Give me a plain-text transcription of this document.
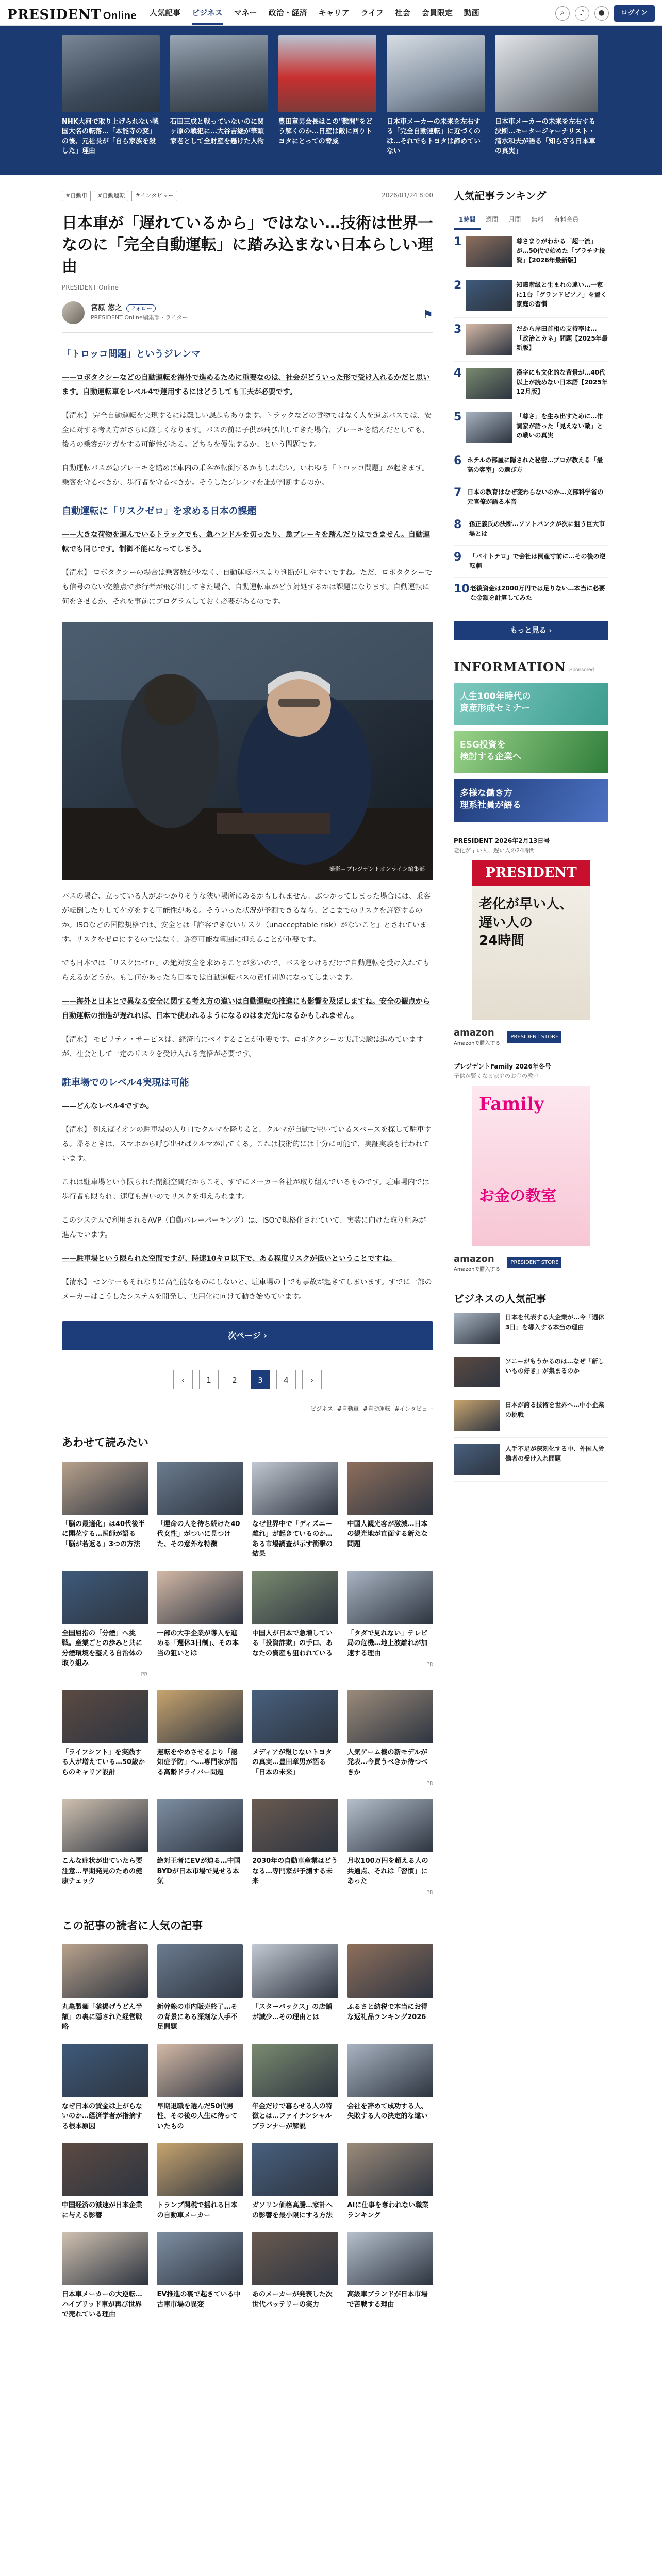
PRESIDENT Online 人気記事 ビジネス マネー 政治・経済 キャリア ライフ 社会 会員限定 動画	⌕	♪	●	ログイン
NHK大河で取り上げられない戦国大名の転落…「本能寺の変」の後、元社長が「自ら家族を殺した」理由
石田三成と戦っていないのに関ヶ原の戦犯に…大谷吉継が筆頭家老として全財産を懸けた人物
豊田章男会長はこの"難問"をどう解くのか…日産は敵に回りトヨタにとっての脅威
日本車メーカーの未来を左右する「完全自動運転」に近づくのは…それでもトヨタは諦めていない
日本車メーカーの未来を左右する決断…モータージャーナリスト・清水和夫が語る「知らざる日本車の真実」
#自動車	#自動運転	#インタビュー	2026/01/24 8:00
日本車が「遅れているから」ではない…技術は世界一なのに「完全自動運転」に踏み込まない日本らしい理由
PRESIDENT Online
宮原 悠之 フォロー
PRESIDENT Online編集部・ライター	⚑
「トロッコ問題」というジレンマ

——ロボタクシーなどの自動運転を海外で進めるために重要なのは、社会がどういった形で受け入れるかだと思います。自動運転車をレベル4で運用するにはどうしても工夫が必要です。

【清水】 完全自動運転を実現するには難しい課題もあります。トラックなどの貨物ではなく人を運ぶバスでは、安全に対する考え方がさらに厳しくなります。バスの前に子供が飛び出してきた場合、ブレーキを踏んだとしても、後ろの乗客がケガをする可能性がある。どちらを優先するか、という問題です。

自動運転バスが急ブレーキを踏めば車内の乗客が転倒するかもしれない。いわゆる「トロッコ問題」が起きます。乗客を守るべきか、歩行者を守るべきか。そうしたジレンマを誰が判断するのか。

自動運転に「リスクゼロ」を求める日本の課題

——大きな荷物を運んでいるトラックでも、急ハンドルを切ったり、急ブレーキを踏んだりはできません。自動運転でも同じです。制御不能になってしまう。

【清水】 ロボタクシーの場合は乗客数が少なく、自動運転バスより判断がしやすいですね。ただ、ロボタクシーでも信号のない交差点で歩行者が飛び出してきた場合、自動運転車がどう対処するかは課題になります。自動運転に何をさせるか、それを事前にプログラムしておく必要があるのです。

撮影＝プレジデントオンライン編集部

バスの場合、立っている人がぶつかりそうな狭い場所にあるかもしれません。ぶつかってしまった場合には、乗客が転倒したりしてケガをする可能性がある。そういった状況が予測できるなら、どこまでのリスクを許容するのか。ISOなどの国際規格では、安全とは「許容できないリスク（unacceptable risk）がないこと」とされています。リスクをゼロにするのではなく、許容可能な範囲に抑えることが重要です。

でも日本では「リスクはゼロ」の絶対安全を求めることが多いので、バスをつけるだけで自動運転を受け入れてもらえるかどうか。もし何かあったら日本では自動運転バスの責任問題になってしまいます。

——海外と日本とで異なる安全に関する考え方の違いは自動運転の推進にも影響を及ぼしますね。安全の観点から自動運転の推進が遅れれば、日本で使われるようになるのはまだ先になるかもしれません。

【清水】 モビリティ・サービスは、経済的にペイすることが重要です。ロボタクシーの実証実験は進めていますが、社会として一定のリスクを受け入れる覚悟が必要です。

駐車場でのレベル4実現は可能

——どんなレベル4ですか。

【清水】 例えばイオンの駐車場の入り口でクルマを降りると、クルマが自動で空いているスペースを探して駐車する。帰るときは、スマホから呼び出せばクルマが出てくる。これは技術的には十分に可能で、実証実験も行われています。

これは駐車場という限られた閉鎖空間だからこそ、すでにメーカー各社が取り組んでいるものです。駐車場内では歩行者も限られ、速度も遅いのでリスクを抑えられます。

このシステムで利用されるAVP（自動バレーパーキング）は、ISOで規格化されていて、実装に向けた取り組みが進んでいます。

——駐車場という限られた空間ですが、時速10キロ以下で、ある程度リスクが低いということですね。

【清水】 センサーもそれなりに高性能なものにしないと、駐車場の中でも事故が起きてしまいます。すでに一部のメーカーはこうしたシステムを開発し、実用化に向けて動き始めています。

次ページ ›
‹	1	2	3	4	›
ビジネス #自動車 #自動運転 #インタビュー
あわせて読みたい
「脳の最適化」は40代後半に開花する…医師が語る「脳が若返る」3つの方法
「運命の人を待ち続けた40代女性」がついに見つけた、その意外な特徴
なぜ世界中で「ディズニー離れ」が起きているのか…ある市場調査が示す衝撃の結果
中国人観光客が激減…日本の観光地が直面する新たな問題
全国屈指の「分煙」へ挑戦。産業ごとの歩みと共に分煙環境を整える自治体の取り組み
PR
一部の大手企業が導入を進める「週休3日制」、その本当の狙いとは
中国人が日本で急増している「投資詐欺」の手口、あなたの資産も狙われている
「タダで見れない」テレビ局の危機…地上波離れが加速する理由
PR
「ライフシフト」を実践する人が増えている…50歳からのキャリア設計
運転をやめさせるより「認知症予防」へ…専門家が語る高齢ドライバー問題
メディアが報じないトヨタの真実…豊田章男が語る「日本の未来」
人気ゲーム機の新モデルが発表…今買うべきか待つべきか
PR
こんな症状が出ていたら要注意…早期発見のための健康チェック
絶対王者にEVが迫る…中国BYDが日本市場で見せる本気
2030年の自動車産業はどうなる…専門家が予測する未来
月収100万円を超える人の共通点、それは「習慣」にあった
PR
この記事の読者に人気の記事
丸亀製麺「釜揚げうどん半額」の裏に隠された経営戦略
新幹線の車内販売終了…その背景にある深刻な人手不足問題
「スターバックス」の店舗が減少…その理由とは
ふるさと納税で本当にお得な返礼品ランキング2026
なぜ日本の賃金は上がらないのか…経済学者が指摘する根本原因
早期退職を選んだ50代男性、その後の人生に待っていたもの
年金だけで暮らせる人の特徴とは…ファイナンシャルプランナーが解説
会社を辞めて成功する人、失敗する人の決定的な違い
中国経済の減速が日本企業に与える影響
トランプ関税で揺れる日本の自動車メーカー
ガソリン価格高騰…家計への影響を最小限にする方法
AIに仕事を奪われない職業ランキング
日本車メーカーの大逆転…ハイブリッド車が再び世界で売れている理由
EV推進の裏で起きている中古車市場の異変
あのメーカーが発表した次世代バッテリーの実力
高級車ブランドが日本市場で苦戦する理由
人気記事ランキング
1時間	週間	月間	無料	有料会員
1	尊さまりがわかる「超一流」が…50代で始めた「プラチナ投資」【2026年最新版】
2	知識階級と生まれの違い…一家に1台「グランドピアノ」を置く家庭の習慣
3	だから岸田首相の支持率は…「政治とカネ」問題【2025年最新版】
4	漢字にも文化的な背景が…40代以上が読めない日本語【2025年12月版】
5	「尊さ」を生み出すために…作詞家が語った「見えない敵」との戦いの真実
6 ホテルの部屋に隠された秘密…プロが教える「最高の客室」の選び方
7 日本の教育はなぜ変わらないのか…文部科学省の元官僚が語る本音
8	孫正義氏の決断…ソフトバンクが次に狙う巨大市場とは
9	「バイトテロ」で会社は倒産寸前に…その後の逆転劇
10 老後資金は2000万円では足りない…本当に必要な金額を計算してみた
もっと見る ›
INFORMATION Sponsored
人生100年時代の
資産形成セミナー
ESG投資を
検討する企業へ
多様な働き方
理系社員が語る
PRESIDENT 2026年2月13日号
老化が早い人、遅い人の24時間
PRESIDENT
老化が早い人、
遅い人の
24時間
amazon
Amazonで購入する
PRESIDENT STORE
プレジデントFamily 2026年冬号
子供が賢くなる家庭のお金の教室
Family
お金の教室
amazon
Amazonで購入する
PRESIDENT STORE
ビジネスの人気記事
日本を代表する大企業が…今「週休3日」を導入する本当の理由
ソニーがもうかるのは…なぜ「新しいもの好き」が集まるのか
日本が誇る技術を世界へ…中小企業の挑戦
人手不足が深刻化する中、外国人労働者の受け入れ問題
